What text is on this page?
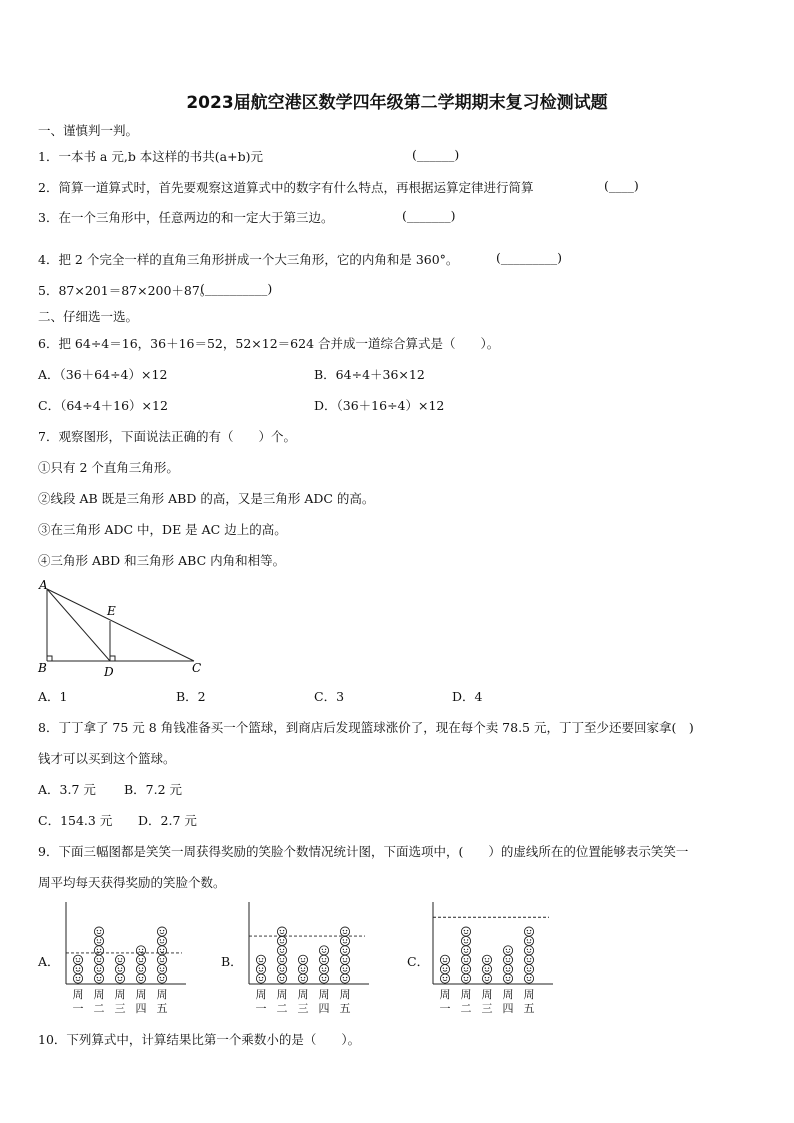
2023届航空港区数学四年级第二学期期末复习检测试题
一、谨慎判一判。
1．一本书 a 元,b 本这样的书共(a+b)元	(______)
2．简算一道算式时，首先要观察这道算式中的数字有什么特点，再根据运算定律进行简算	(____)
3．在一个三角形中，任意两边的和一定大于第三边。	(_______)
4．把 2 个完全一样的直角三角形拼成一个大三角形，它的内角和是 360°。	(_________)
5．87×201＝87×200＋87。
(__________)
二、仔细选一选。
6．把 64÷4＝16，36＋16＝52，52×12＝624 合并成一道综合算式是（　　）。
A．（36＋64÷4）×12	B．64÷4＋36×12
C．（64÷4＋16）×12	D．（36＋16÷4）×12
7．观察图形，下面说法正确的有（　　）个。
①只有 2 个直角三角形。
②线段 AB 既是三角形 ABD 的高，又是三角形 ADC 的高。
③在三角形 ADC 中，DE 是 AC 边上的高。
④三角形 ABD 和三角形 ABC 内角和相等。
A
E
B	D	C
A．1	B．2	C．3	D．4
8．丁丁拿了 75 元 8 角钱准备买一个篮球，到商店后发现篮球涨价了，现在每个卖 78.5 元，丁丁至少还要回家拿(　)
钱才可以买到这个篮球。
A．3.7 元 B．7.2 元
C．154.3 元 D．2.7 元
9．下面三幅图都是笑笑一周获得奖励的笑脸个数情况统计图，下面选项中，(　　）的虚线所在的位置能够表示笑笑一
周平均每天获得奖励的笑脸个数。
A．
周
一
周
二
周
三
周
四
周
五
B．
周
一
周
二
周
三
周
四
周
五
C．
周
一
周
二
周
三
周
四
周
五
10．下列算式中，计算结果比第一个乘数小的是（　　）。
